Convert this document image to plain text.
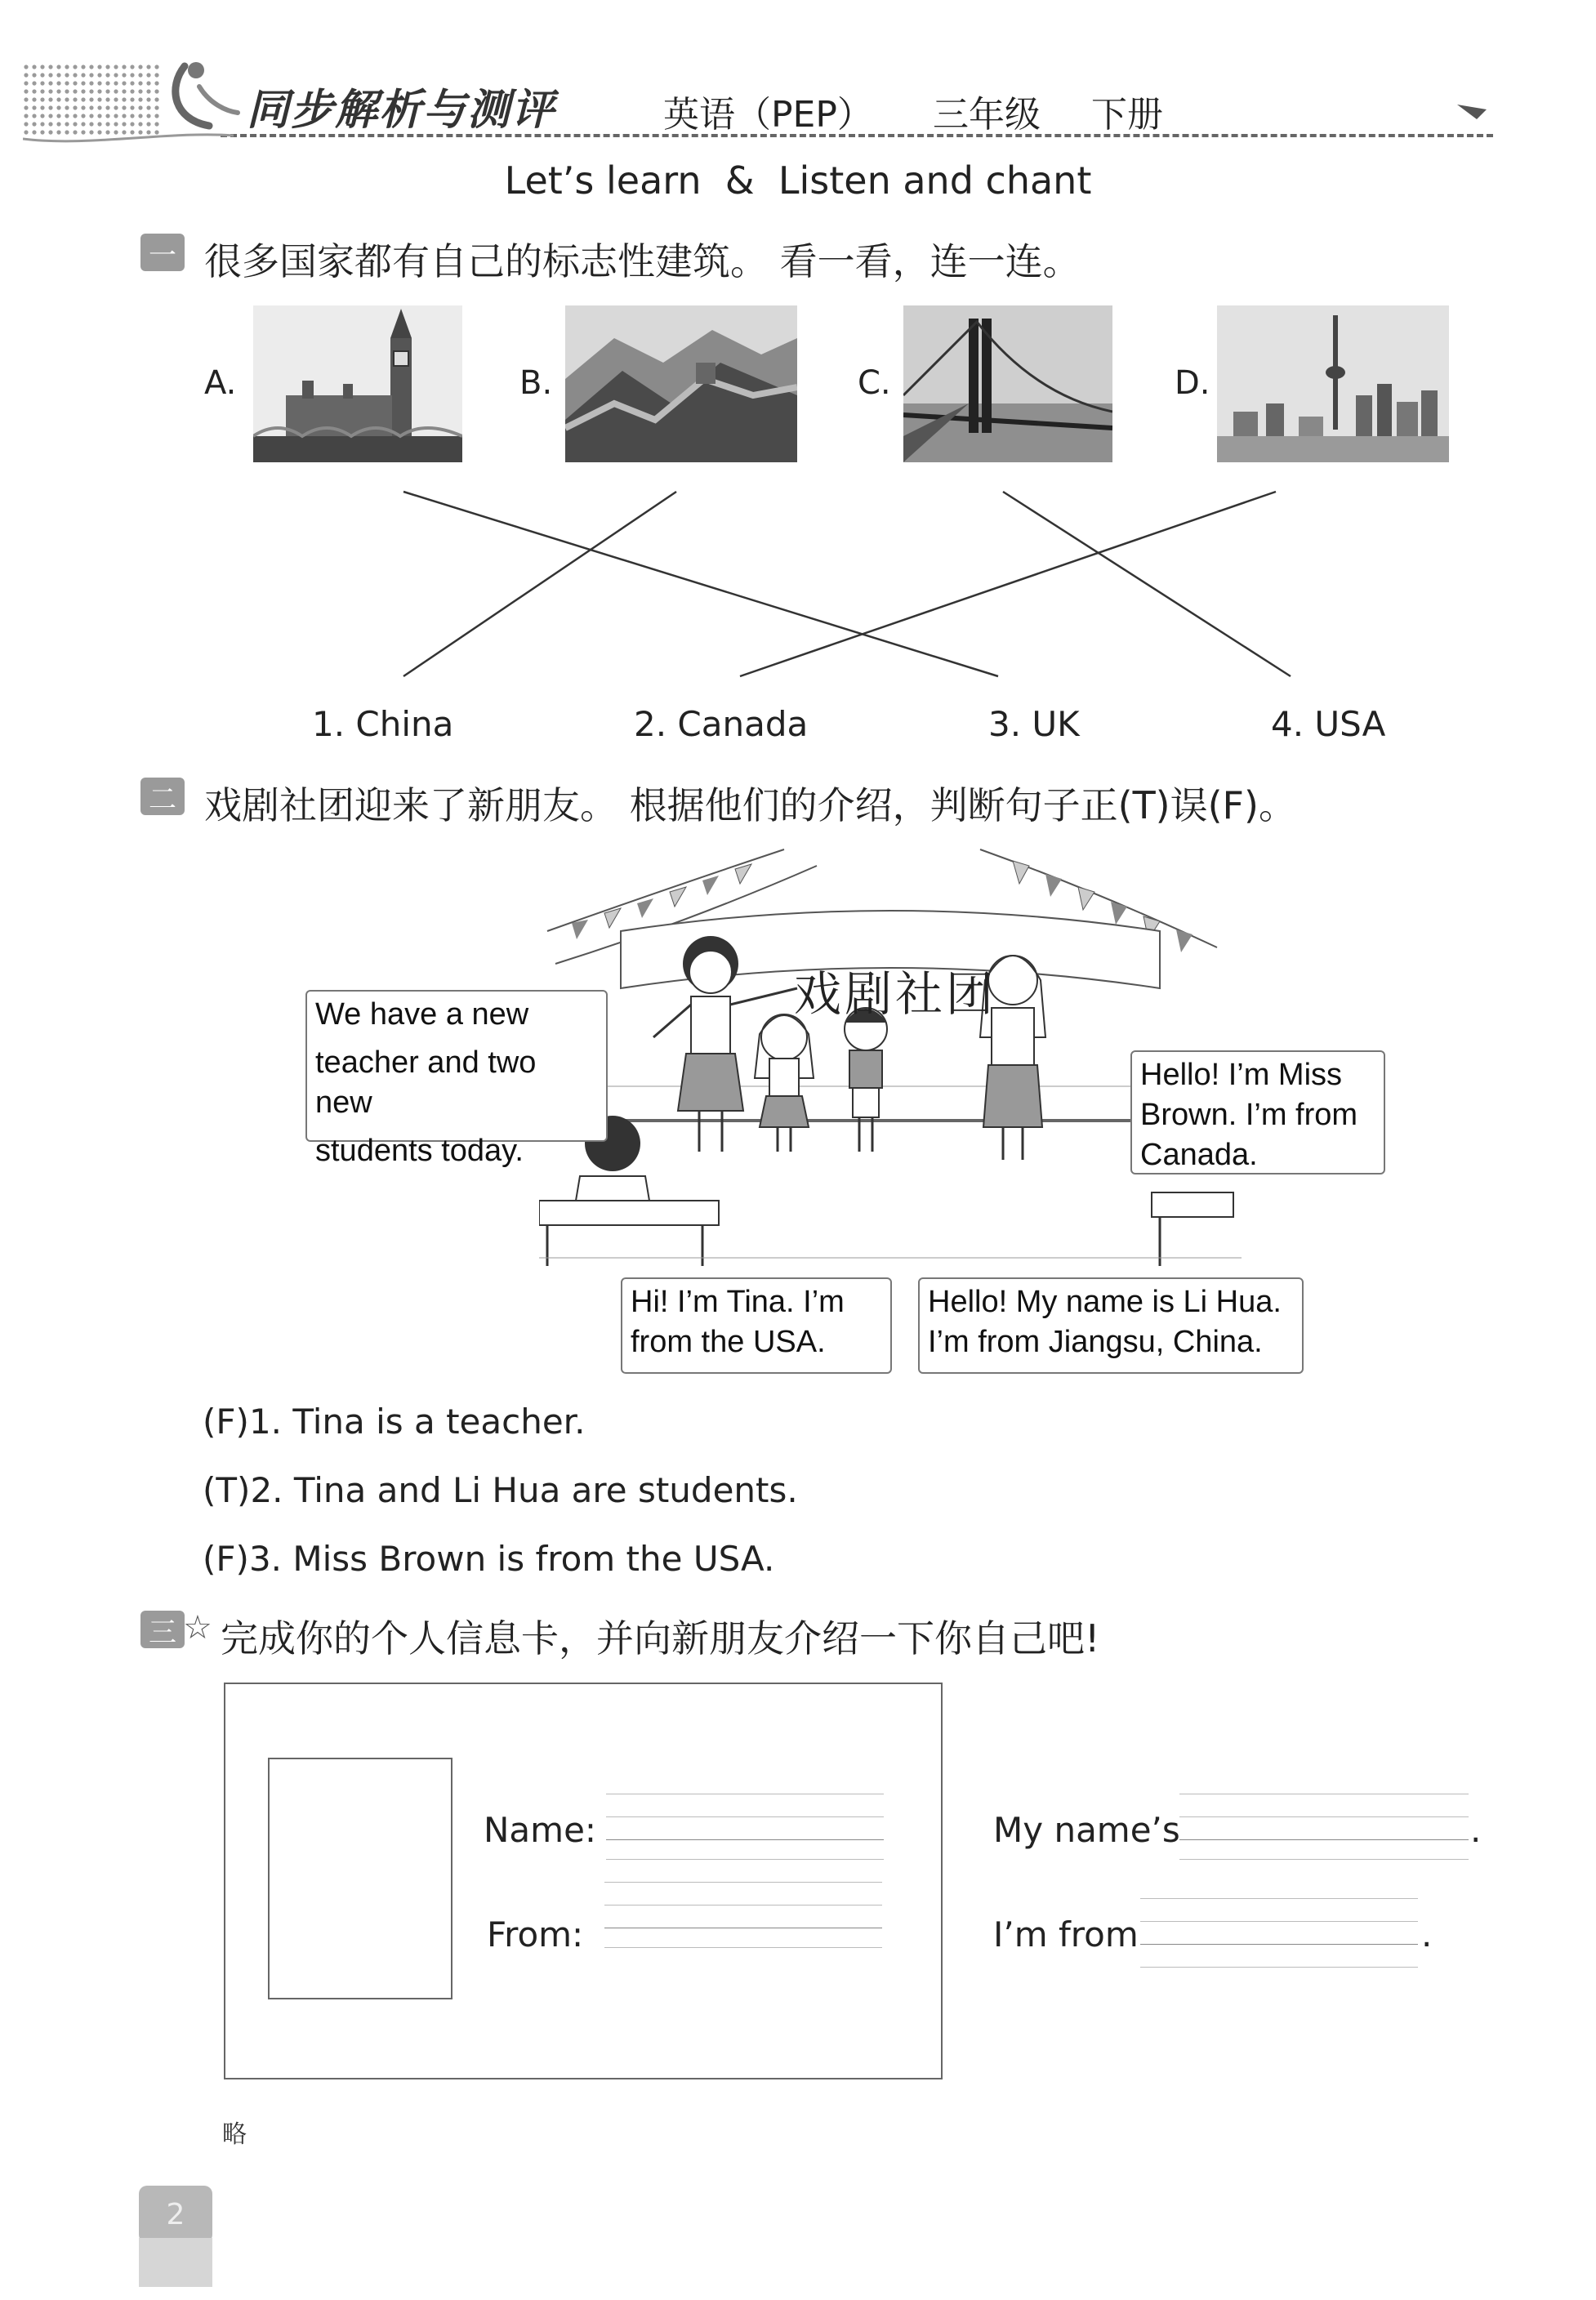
同步解析与测评	英语（PEP） 三年级 下册
Let’s learn  &  Listen and chant
一 很多国家都有自己的标志性建筑。 看一看，连一连。
A.	B.	C.	D.
1. China	2. Canada	3. UK	4. USA
二 戏剧社团迎来了新朋友。 根据他们的介绍，判断句子正(T)误(F)。
戏剧社团
We have a new
teacher and two new
students today.
Hello! I’m Miss
Brown. I’m from
Canada.
Hi! I’m Tina. I’m
from the USA.
Hello! My name is Li Hua.
I’m from Jiangsu, China.
(F)1. Tina is a teacher.
(T)2. Tina and Li Hua are students.
(F)3. Miss Brown is from the USA.
三 ☆ 完成你的个人信息卡，并向新朋友介绍一下你自己吧!
Name:
From:
My name’s	.
I’m from	.
略
2
